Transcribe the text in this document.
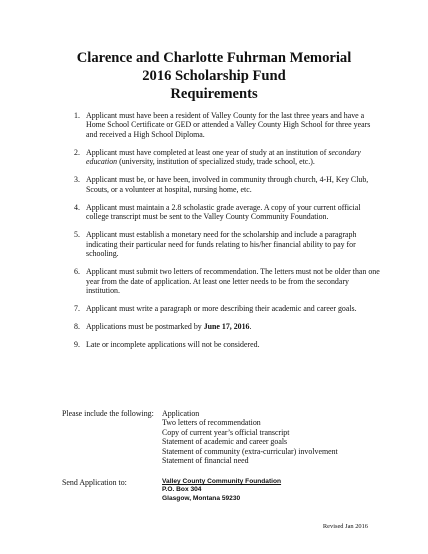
Clarence and Charlotte Fuhrman Memorial
2016 Scholarship Fund
Requirements
1. Applicant must have been a resident of Valley County for the last three years and have a Home School Certificate or GED or attended a Valley County High School for three years and received a High School Diploma.
2. Applicant must have completed at least one year of study at an institution of secondary education (university, institution of specialized study, trade school, etc.).
3. Applicant must be, or have been, involved in community through church, 4-H, Key Club, Scouts, or a volunteer at hospital, nursing home, etc.
4. Applicant must maintain a 2.8 scholastic grade average. A copy of your current official college transcript must be sent to the Valley County Community Foundation.
5. Applicant must establish a monetary need for the scholarship and include a paragraph indicating their particular need for funds relating to his/her financial ability to pay for schooling.
6. Applicant must submit two letters of recommendation. The letters must not be older than one year from the date of application. At least one letter needs to be from the secondary institution.
7. Applicant must write a paragraph or more describing their academic and career goals.
8. Applications must be postmarked by June 17, 2016.
9. Late or incomplete applications will not be considered.
Please include the following: Application
Two letters of recommendation
Copy of current year’s official transcript
Statement of academic and career goals
Statement of community (extra-curricular) involvement
Statement of financial need
Send Application to:	Valley County Community Foundation
P.O. Box 304
Glasgow, Montana 59230
Revised Jan 2016
